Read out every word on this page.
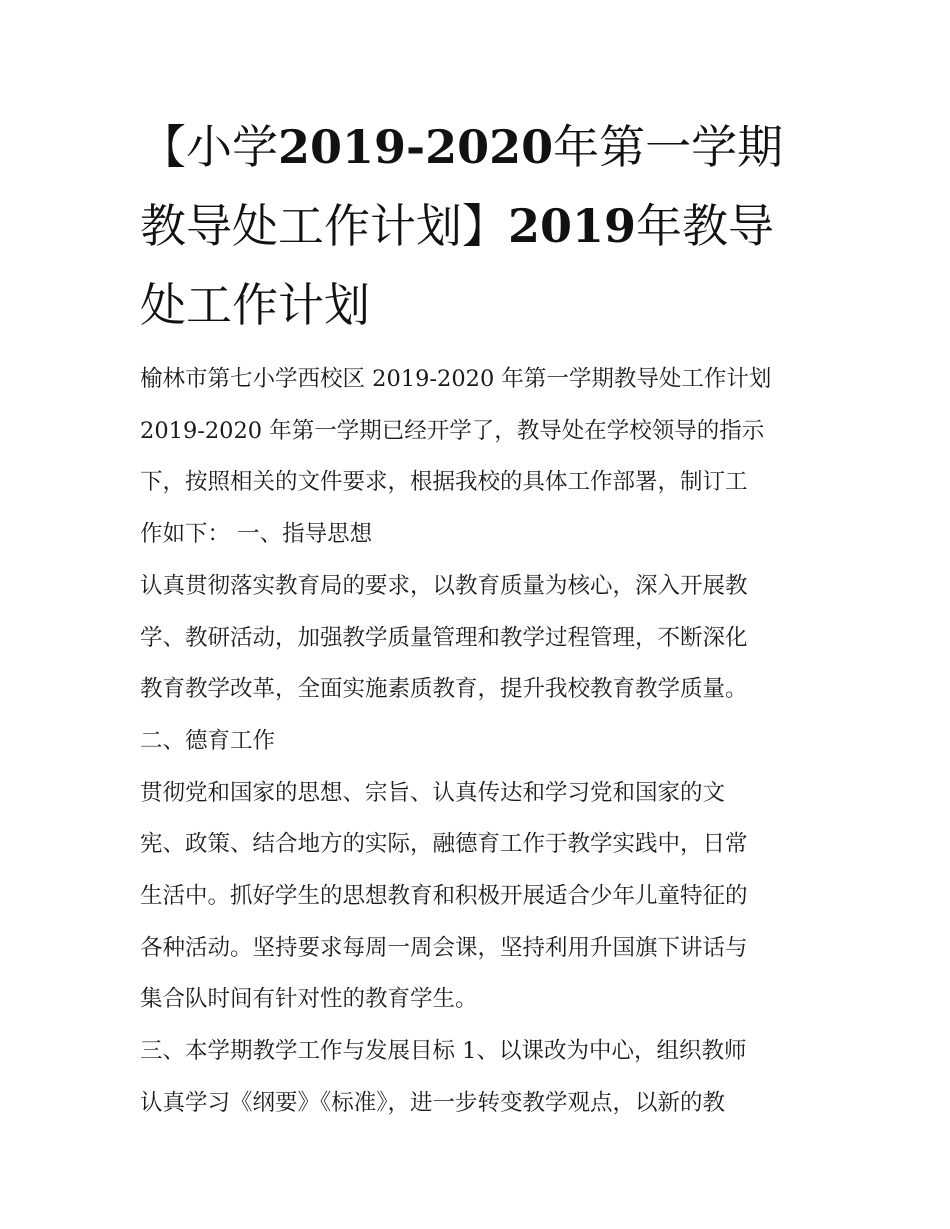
【小学2019-2020年第一学期教导处工作计划】2019年教导处工作计划

榆林市第七小学西校区 2019-2020 年第一学期教导处工作计划
2019-2020 年第一学期已经开学了，教导处在学校领导的指示
下，按照相关的文件要求，根据我校的具体工作部署，制订工
作如下： 一、指导思想

认真贯彻落实教育局的要求，以教育质量为核心，深入开展教
学、教研活动，加强教学质量管理和教学过程管理，不断深化
教育教学改革，全面实施素质教育，提升我校教育教学质量。

二、德育工作

贯彻党和国家的思想、宗旨、认真传达和学习党和国家的文
宪、政策、结合地方的实际，融德育工作于教学实践中，日常
生活中。抓好学生的思想教育和积极开展适合少年儿童特征的
各种活动。坚持要求每周一周会课，坚持利用升国旗下讲话与
集合队时间有针对性的教育学生。

三、本学期教学工作与发展目标 1、以课改为中心，组织教师
认真学习《纲要》《标准》，进一步转变教学观点，以新的教
